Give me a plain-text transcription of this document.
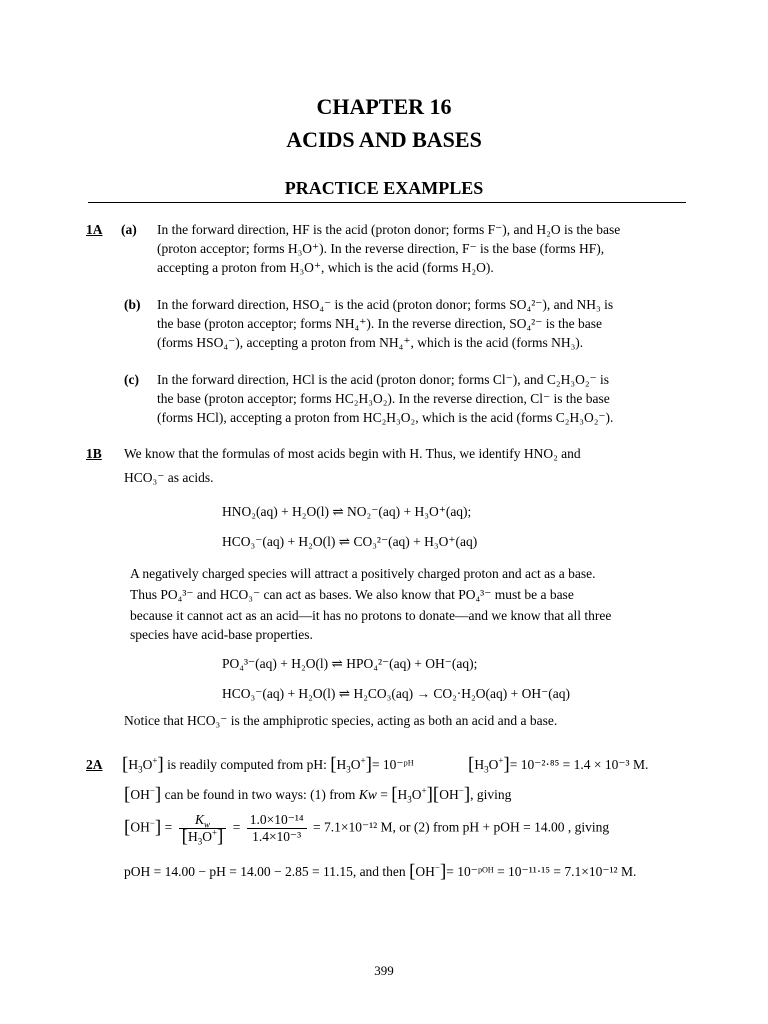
CHAPTER 16
ACIDS AND BASES
PRACTICE EXAMPLES
1A (a) In the forward direction, HF is the acid (proton donor; forms F⁻), and H₂O is the base
(proton acceptor; forms H₃O⁺). In the reverse direction, F⁻ is the base (forms HF),
accepting a proton from H₃O⁺, which is the acid (forms H₂O).
(b) In the forward direction, HSO₄⁻ is the acid (proton donor; forms SO₄²⁻), and NH₃ is
the base (proton acceptor; forms NH₄⁺). In the reverse direction, SO₄²⁻ is the base
(forms HSO₄⁻), accepting a proton from NH₄⁺, which is the acid (forms NH₃).
(c) In the forward direction, HCl is the acid (proton donor; forms Cl⁻), and C₂H₃O₂⁻ is
the base (proton acceptor; forms HC₂H₃O₂). In the reverse direction, Cl⁻ is the base
(forms HCl), accepting a proton from HC₂H₃O₂, which is the acid (forms C₂H₃O₂⁻).
1B We know that the formulas of most acids begin with H. Thus, we identify HNO₂ and
HCO₃⁻ as acids.
HNO₂(aq) + H₂O(l) ⇌ NO₂⁻(aq) + H₃O⁺(aq);
HCO₃⁻(aq) + H₂O(l) ⇌ CO₃²⁻(aq) + H₃O⁺(aq)
A negatively charged species will attract a positively charged proton and act as a base.
Thus PO₄³⁻ and HCO₃⁻ can act as bases. We also know that PO₄³⁻ must be a base
because it cannot act as an acid—it has no protons to donate—and we know that all three
species have acid-base properties.
PO₄³⁻(aq) + H₂O(l) ⇌ HPO₄²⁻(aq) + OH⁻(aq);
HCO₃⁻(aq) + H₂O(l) ⇌ H₂CO₃(aq) → CO₂·H₂O(aq) + OH⁻(aq)
Notice that HCO₃⁻ is the amphiprotic species, acting as both an acid and a base.
2A $[H_3O^+]$ is readily computed from pH: $[H_3O^+]=$ 10⁻ᵖᴴ	$[H_3O^+]= 10^{-2}\cdot^{85} = 1.4 \times 10^{-3}$ M.
[OH−] can be found in two ways: (1) from $Kw = [H_3O^+][OH^-]$, giving
$[OH^-] = \frac{K_w}{[H_3O^+]} = \frac{\text{1.0×10⁻¹⁴}}{\text{1.4×10⁻³}} = 7.1\times 10^{-12}$ M, or (2) from pH + pOH = 14.00 , giving
pOH = 14.00 − pH = 14.00 − 2.85 = 11.15, and then [OH−]= 10⁻ᵖᴼᴴ = 10⁻¹¹·¹⁵ = 7.1×10⁻¹² M.
399
